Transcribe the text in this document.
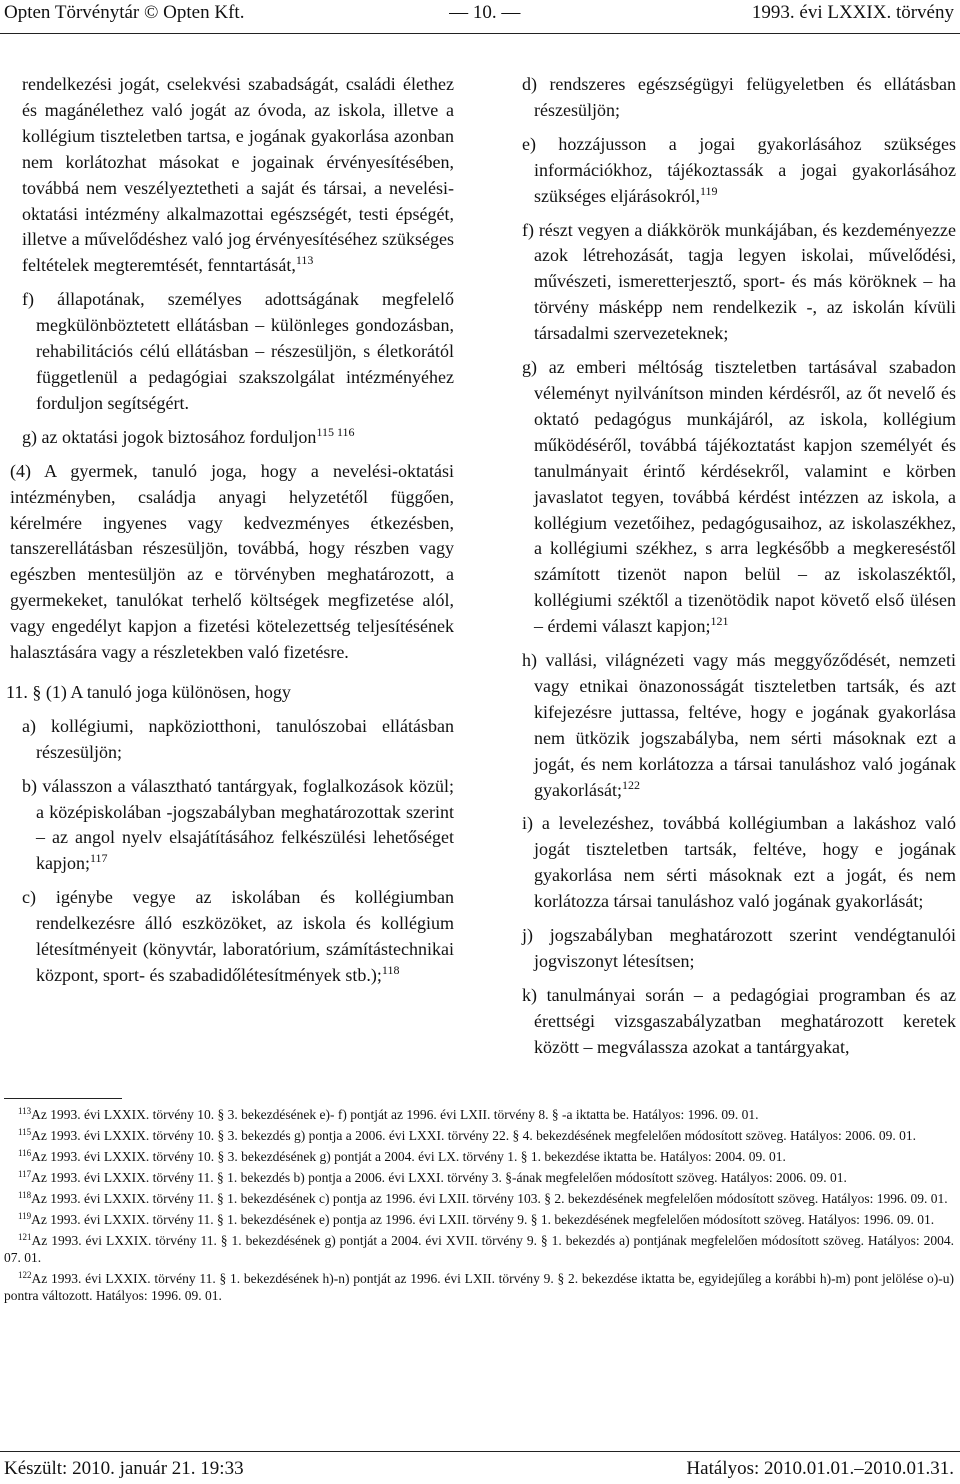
Opten Törvénytár © Opten Kft.	— 10. —	1993. évi LXXIX. törvény

rendelkezési jogát, cselekvési szabadságát, családi élethez és magánélethez való jogát az óvoda, az iskola, illetve a kollégium tiszteletben tartsa, e jogának gyakorlása azonban nem korlátozhat másokat e jogainak érvényesítésében, továbbá nem veszélyeztetheti a saját és társai, a nevelési-oktatási intézmény alkalmazottai egészségét, testi épségét, illetve a művelődéshez való jog érvényesítéséhez szükséges feltételek megteremtését, fenntartását,$^{113}$

f) állapotának, személyes adottságának megfelelő megkülönböztetett ellátásban – különleges gondozásban, rehabilitációs célú ellátásban – részesüljön, s életkorától függetlenül a pedagógiai szakszolgálat intézményéhez forduljon segítségért.

g) az oktatási jogok biztosához forduljon$^{115 116}$

(4) A gyermek, tanuló joga, hogy a nevelési-oktatási intézményben, családja anyagi helyzetétől függően, kérelmére ingyenes vagy kedvezményes étkezésben, tanszerellátásban részesüljön, továbbá, hogy részben vagy egészben mentesüljön az e törvényben meghatározott, a gyermekeket, tanulókat terhelő költségek megfizetése alól, vagy engedélyt kapjon a fizetési kötelezettség teljesítésének halasztására vagy a részletekben való fizetésre.

11. § (1) A tanuló joga különösen, hogy

a) kollégiumi, napköziotthoni, tanulószobai ellátásban részesüljön;

b) válasszon a választható tantárgyak, foglalkozások közül; a középiskolában -jogszabályban meghatározottak szerint – az angol nyelv elsajátításához felkészülési lehetőséget kapjon;$^{117}$

c) igénybe vegye az iskolában és kollégiumban rendelkezésre álló eszközöket, az iskola és kollégium létesítményeit (könyvtár, laboratórium, számítástechnikai központ, sport- és szabadidőlétesítmények stb.);$^{118}$

d) rendszeres egészségügyi felügyeletben és ellátásban részesüljön;

e) hozzájusson a jogai gyakorlásához szükséges információkhoz, tájékoztassák a jogai gyakorlásához szükséges eljárásokról,$^{119}$

f) részt vegyen a diákkörök munkájában, és kezdeményezze azok létrehozását, tagja legyen iskolai, művelődési, művészeti, ismeretterjesztő, sport- és más köröknek – ha törvény másképp nem rendelkezik -, az iskolán kívüli társadalmi szervezeteknek;

g) az emberi méltóság tiszteletben tartásával szabadon véleményt nyilvánítson minden kérdésről, az őt nevelő és oktató pedagógus munkájáról, az iskola, kollégium működéséről, továbbá tájékoztatást kapjon személyét és tanulmányait érintő kérdésekről, valamint e körben javaslatot tegyen, továbbá kérdést intézzen az iskola, a kollégium vezetőihez, pedagógusaihoz, az iskolaszékhez, a kollégiumi székhez, s arra legkésőbb a megkereséstől számított tizenöt napon belül – az iskolaszéktől, kollégiumi széktől a tizenötödik napot követő első ülésen – érdemi választ kapjon;$^{121}$

h) vallási, világnézeti vagy más meggyőződését, nemzeti vagy etnikai önazonosságát tiszteletben tartsák, és azt kifejezésre juttassa, feltéve, hogy e jogának gyakorlása nem ütközik jogszabályba, nem sérti másoknak ezt a jogát, és nem korlátozza a társai tanuláshoz való jogának gyakorlását;$^{122}$

i) a levelezéshez, továbbá kollégiumban a lakáshoz való jogát tiszteletben tartsák, feltéve, hogy e jogának gyakorlása nem sérti másoknak ezt a jogát, és nem korlátozza társai tanuláshoz való jogának gyakorlását;

j) jogszabályban meghatározott szerint vendégtanulói jogviszonyt létesítsen;

k) tanulmányai során – a pedagógiai programban és az érettségi vizsgaszabályzatban meghatározott keretek között – megválassza azokat a tantárgyakat,

$^{113}$Az 1993. évi LXXIX. törvény 10. § 3. bekezdésének e)- f) pontját az 1996. évi LXII. törvény 8. § -a iktatta be. Hatályos: 1996. 09. 01.

$^{115}$Az 1993. évi LXXIX. törvény 10. § 3. bekezdés g) pontja a 2006. évi LXXI. törvény 22. § 4. bekezdésének megfelelően módosított szöveg. Hatályos: 2006. 09. 01.

$^{116}$Az 1993. évi LXXIX. törvény 10. § 3. bekezdésének g) pontját a 2004. évi LX. törvény 1. § 1. bekezdése iktatta be. Hatályos: 2004. 09. 01.

$^{117}$Az 1993. évi LXXIX. törvény 11. § 1. bekezdés b) pontja a 2006. évi LXXI. törvény 3. §-ának megfelelően módosított szöveg. Hatályos: 2006. 09. 01.

$^{118}$Az 1993. évi LXXIX. törvény 11. § 1. bekezdésének c) pontja az 1996. évi LXII. törvény 103. § 2. bekezdésének megfelelően módosított szöveg. Hatályos: 1996. 09. 01.

$^{119}$Az 1993. évi LXXIX. törvény 11. § 1. bekezdésének e) pontja az 1996. évi LXII. törvény 9. § 1. bekezdésének megfelelően módosított szöveg. Hatályos: 1996. 09. 01.

$^{121}$Az 1993. évi LXXIX. törvény 11. § 1. bekezdésének g) pontját a 2004. évi XVII. törvény 9. § 1. bekezdés a) pontjának megfelelően módosított szöveg. Hatályos: 2004. 07. 01.

$^{122}$Az 1993. évi LXXIX. törvény 11. § 1. bekezdésének h)-n) pontját az 1996. évi LXII. törvény 9. § 2. bekezdése iktatta be, egyidejűleg a korábbi h)-m) pont jelölése o)-u) pontra változott. Hatályos: 1996. 09. 01.

Készült: 2010. január 21. 19:33	Hatályos: 2010.01.01.–2010.01.31.
